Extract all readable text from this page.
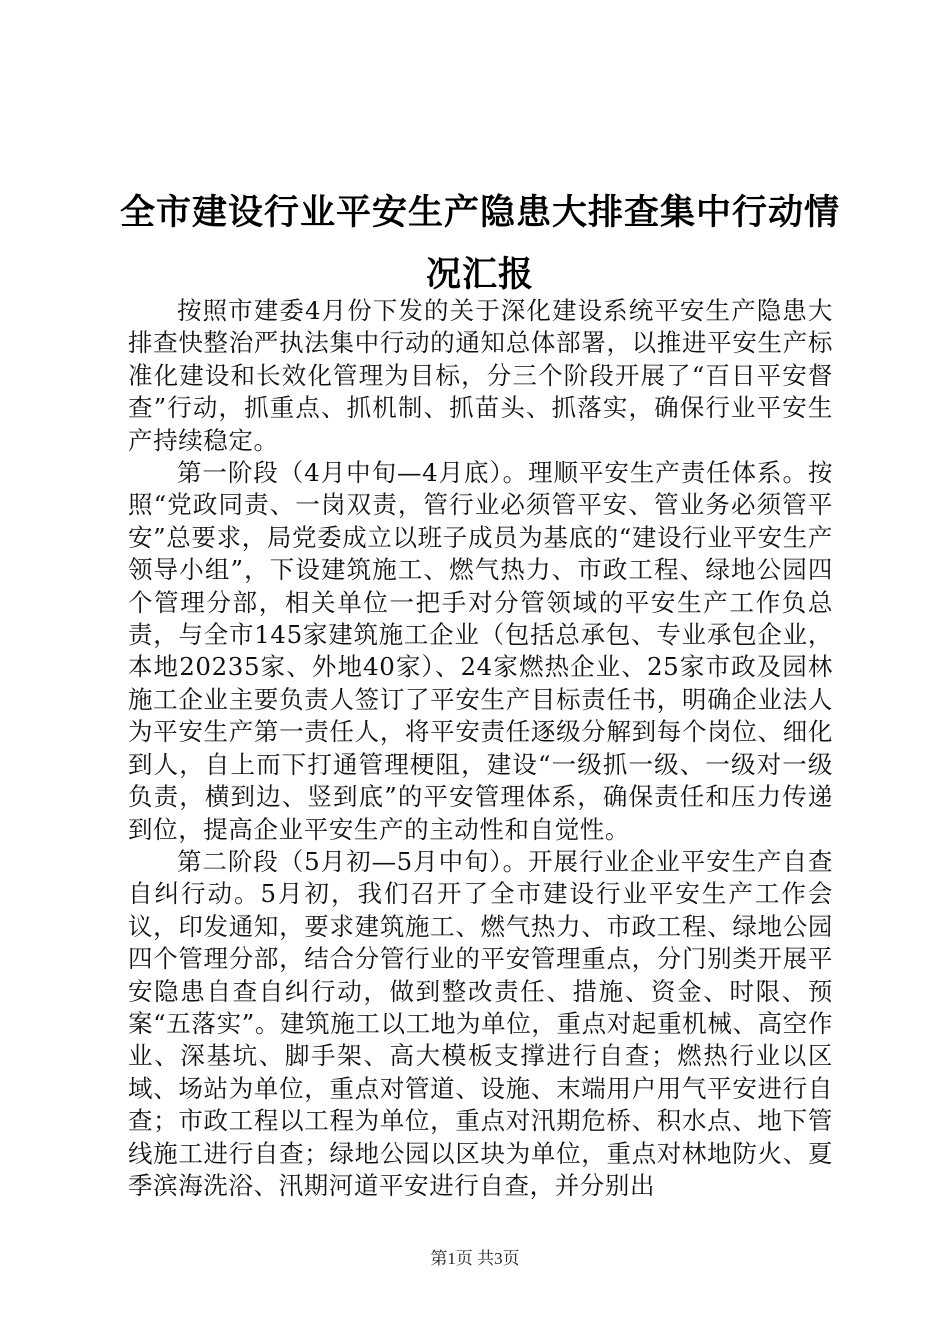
全市建设行业平安生产隐患大排查集中行动情况汇报

按照市建委4月份下发的关于深化建设系统平安生产隐患大排查快整治严执法集中行动的通知总体部署，以推进平安生产标准化建设和长效化管理为目标，分三个阶段开展了“百日平安督查”行动，抓重点、抓机制、抓苗头、抓落实，确保行业平安生产持续稳定。

第一阶段（4月中旬—4月底）。理顺平安生产责任体系。按照“党政同责、一岗双责，管行业必须管平安、管业务必须管平安”总要求，局党委成立以班子成员为基底的“建设行业平安生产领导小组”，下设建筑施工、燃气热力、市政工程、绿地公园四个管理分部，相关单位一把手对分管领域的平安生产工作负总责，与全市145家建筑施工企业（包括总承包、专业承包企业，本地20235家、外地40家）、24家燃热企业、25家市政及园林施工企业主要负责人签订了平安生产目标责任书，明确企业法人为平安生产第一责任人，将平安责任逐级分解到每个岗位、细化到人，自上而下打通管理梗阻，建设“一级抓一级、一级对一级负责，横到边、竖到底”的平安管理体系，确保责任和压力传递到位，提高企业平安生产的主动性和自觉性。

第二阶段（5月初—5月中旬）。开展行业企业平安生产自查自纠行动。5月初，我们召开了全市建设行业平安生产工作会议，印发通知，要求建筑施工、燃气热力、市政工程、绿地公园四个管理分部，结合分管行业的平安管理重点，分门别类开展平安隐患自查自纠行动，做到整改责任、措施、资金、时限、预案“五落实”。建筑施工以工地为单位，重点对起重机械、高空作业、深基坑、脚手架、高大模板支撑进行自查；燃热行业以区域、场站为单位，重点对管道、设施、末端用户用气平安进行自查；市政工程以工程为单位，重点对汛期危桥、积水点、地下管线施工进行自查；绿地公园以区块为单位，重点对林地防火、夏季滨海洗浴、汛期河道平安进行自查，并分别出

第1页 共3页
